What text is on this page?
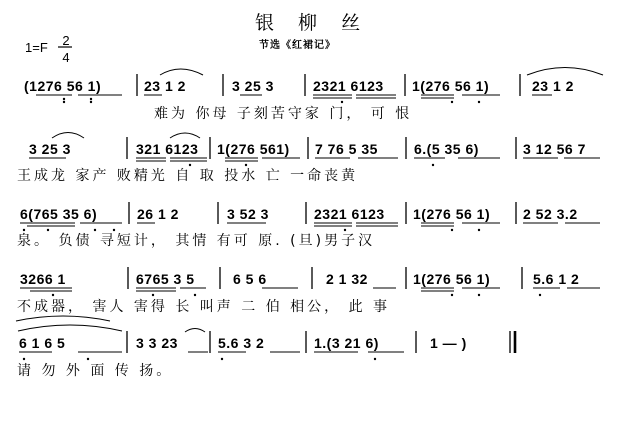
银 柳 丝
节选《红裙记》
1=F 2
4
(1276 56 1)	23 1 2	3 25 3	2321 6123 1(276 56 1)	23 1 2
难为 你母 子刻苦守家 门， 可 恨
3 25 3	321 6123 1(276 561) 7 76 5 35	6.(5 35 6)	3 12 56 7
王成龙 家产 败精光 自 取 投水 亡 一命丧黄
6(765 35 6)	26 1 2	3 52 3	2321 6123 1(276 56 1) 2 52 3.2
泉。 负债 寻短计， 其情 有可 原. (旦)男子汉
3266 1	6765 3 5	6 5 6	2 1 32	1(276 56 1)	5.6 1 2
不成器， 害人 害得 长 叫声 二 伯 相公， 此 事
6 1 6 5	3 3 23	5.6 3 2	1.(3 21 6)	1 — )
请 勿 外 面 传 扬。
